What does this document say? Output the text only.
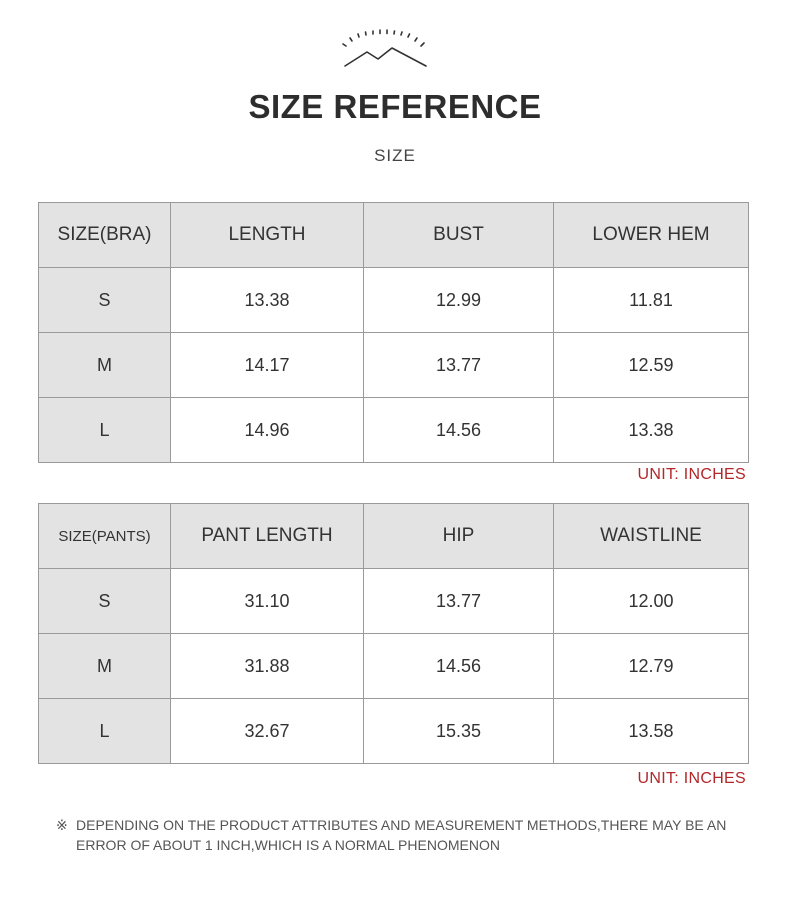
SIZE REFERENCE
SIZE
SIZE(BRA)	LENGTH	BUST	LOWER HEM
S	13.38	12.99	11.81
M	14.17	13.77	12.59
L	14.96	14.56	13.38
UNIT: INCHES
SIZE(PANTS)	PANT LENGTH	HIP	WAISTLINE
S	31.10	13.77	12.00
M	31.88	14.56	12.79
L	32.67	15.35	13.58
UNIT: INCHES
※ DEPENDING ON THE PRODUCT ATTRIBUTES AND MEASUREMENT METHODS,THERE MAY BE AN
ERROR OF ABOUT 1 INCH,WHICH IS A NORMAL PHENOMENON
